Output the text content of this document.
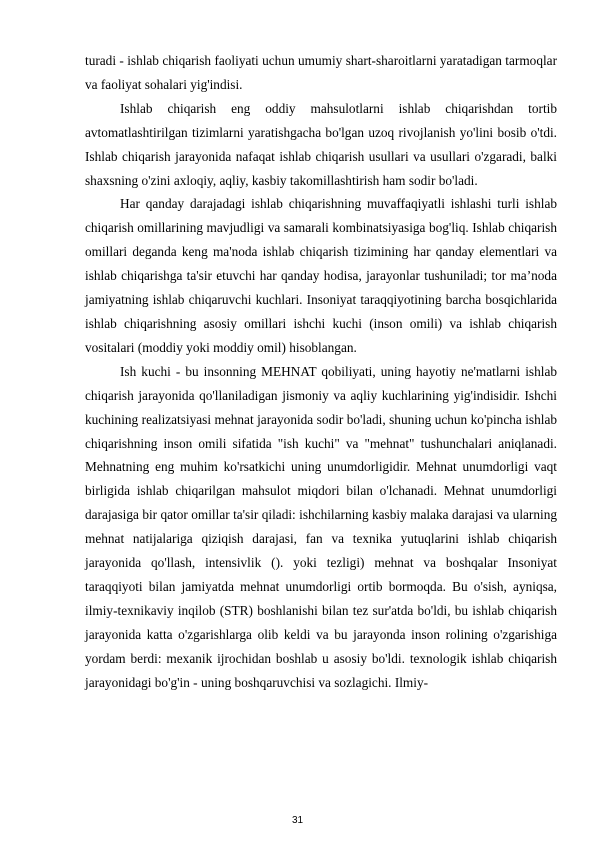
turadi - ishlab chiqarish faoliyati uchun umumiy shart-sharoitlarni yaratadigan tarmoqlar va faoliyat sohalari yig'indisi.

Ishlab chiqarish eng oddiy mahsulotlarni ishlab chiqarishdan tortib avtomatlashtirilgan tizimlarni yaratishgacha bo'lgan uzoq rivojlanish yo'lini bosib o'tdi. Ishlab chiqarish jarayonida nafaqat ishlab chiqarish usullari va usullari o'zgaradi, balki shaxsning o'zini axloqiy, aqliy, kasbiy takomillashtirish ham sodir bo'ladi.

Har qanday darajadagi ishlab chiqarishning muvaffaqiyatli ishlashi turli ishlab chiqarish omillarining mavjudligi va samarali kombinatsiyasiga bog'liq. Ishlab chiqarish omillari deganda keng ma'noda ishlab chiqarish tizimining har qanday elementlari va ishlab chiqarishga ta'sir etuvchi har qanday hodisa, jarayonlar tushuniladi; tor ma’noda jamiyatning ishlab chiqaruvchi kuchlari. Insoniyat taraqqiyotining barcha bosqichlarida ishlab chiqarishning asosiy omillari ishchi kuchi (inson omili) va ishlab chiqarish vositalari (moddiy yoki moddiy omil) hisoblangan.

Ish kuchi - bu insonning MEHNAT qobiliyati, uning hayotiy ne'matlarni ishlab chiqarish jarayonida qo'llaniladigan jismoniy va aqliy kuchlarining yig'indisidir. Ishchi kuchining realizatsiyasi mehnat jarayonida sodir bo'ladi, shuning uchun ko'pincha ishlab chiqarishning inson omili sifatida "ish kuchi" va "mehnat" tushunchalari aniqlanadi. Mehnatning eng muhim ko'rsatkichi uning unumdorligidir. Mehnat unumdorligi vaqt birligida ishlab chiqarilgan mahsulot miqdori bilan o'lchanadi. Mehnat unumdorligi darajasiga bir qator omillar ta'sir qiladi: ishchilarning kasbiy malaka darajasi va ularning mehnat natijalariga qiziqish darajasi, fan va texnika yutuqlarini ishlab chiqarish jarayonida qo'llash, intensivlik (). yoki tezligi) mehnat va boshqalar Insoniyat taraqqiyoti bilan jamiyatda mehnat unumdorligi ortib bormoqda. Bu o'sish, ayniqsa, ilmiy-texnikaviy inqilob (STR) boshlanishi bilan tez sur'atda bo'ldi, bu ishlab chiqarish jarayonida katta o'zgarishlarga olib keldi va bu jarayonda inson rolining o'zgarishiga yordam berdi: mexanik ijrochidan boshlab u asosiy bo'ldi. texnologik ishlab chiqarish jarayonidagi bo'g'in - uning boshqaruvchisi va sozlagichi. Ilmiy-

31
